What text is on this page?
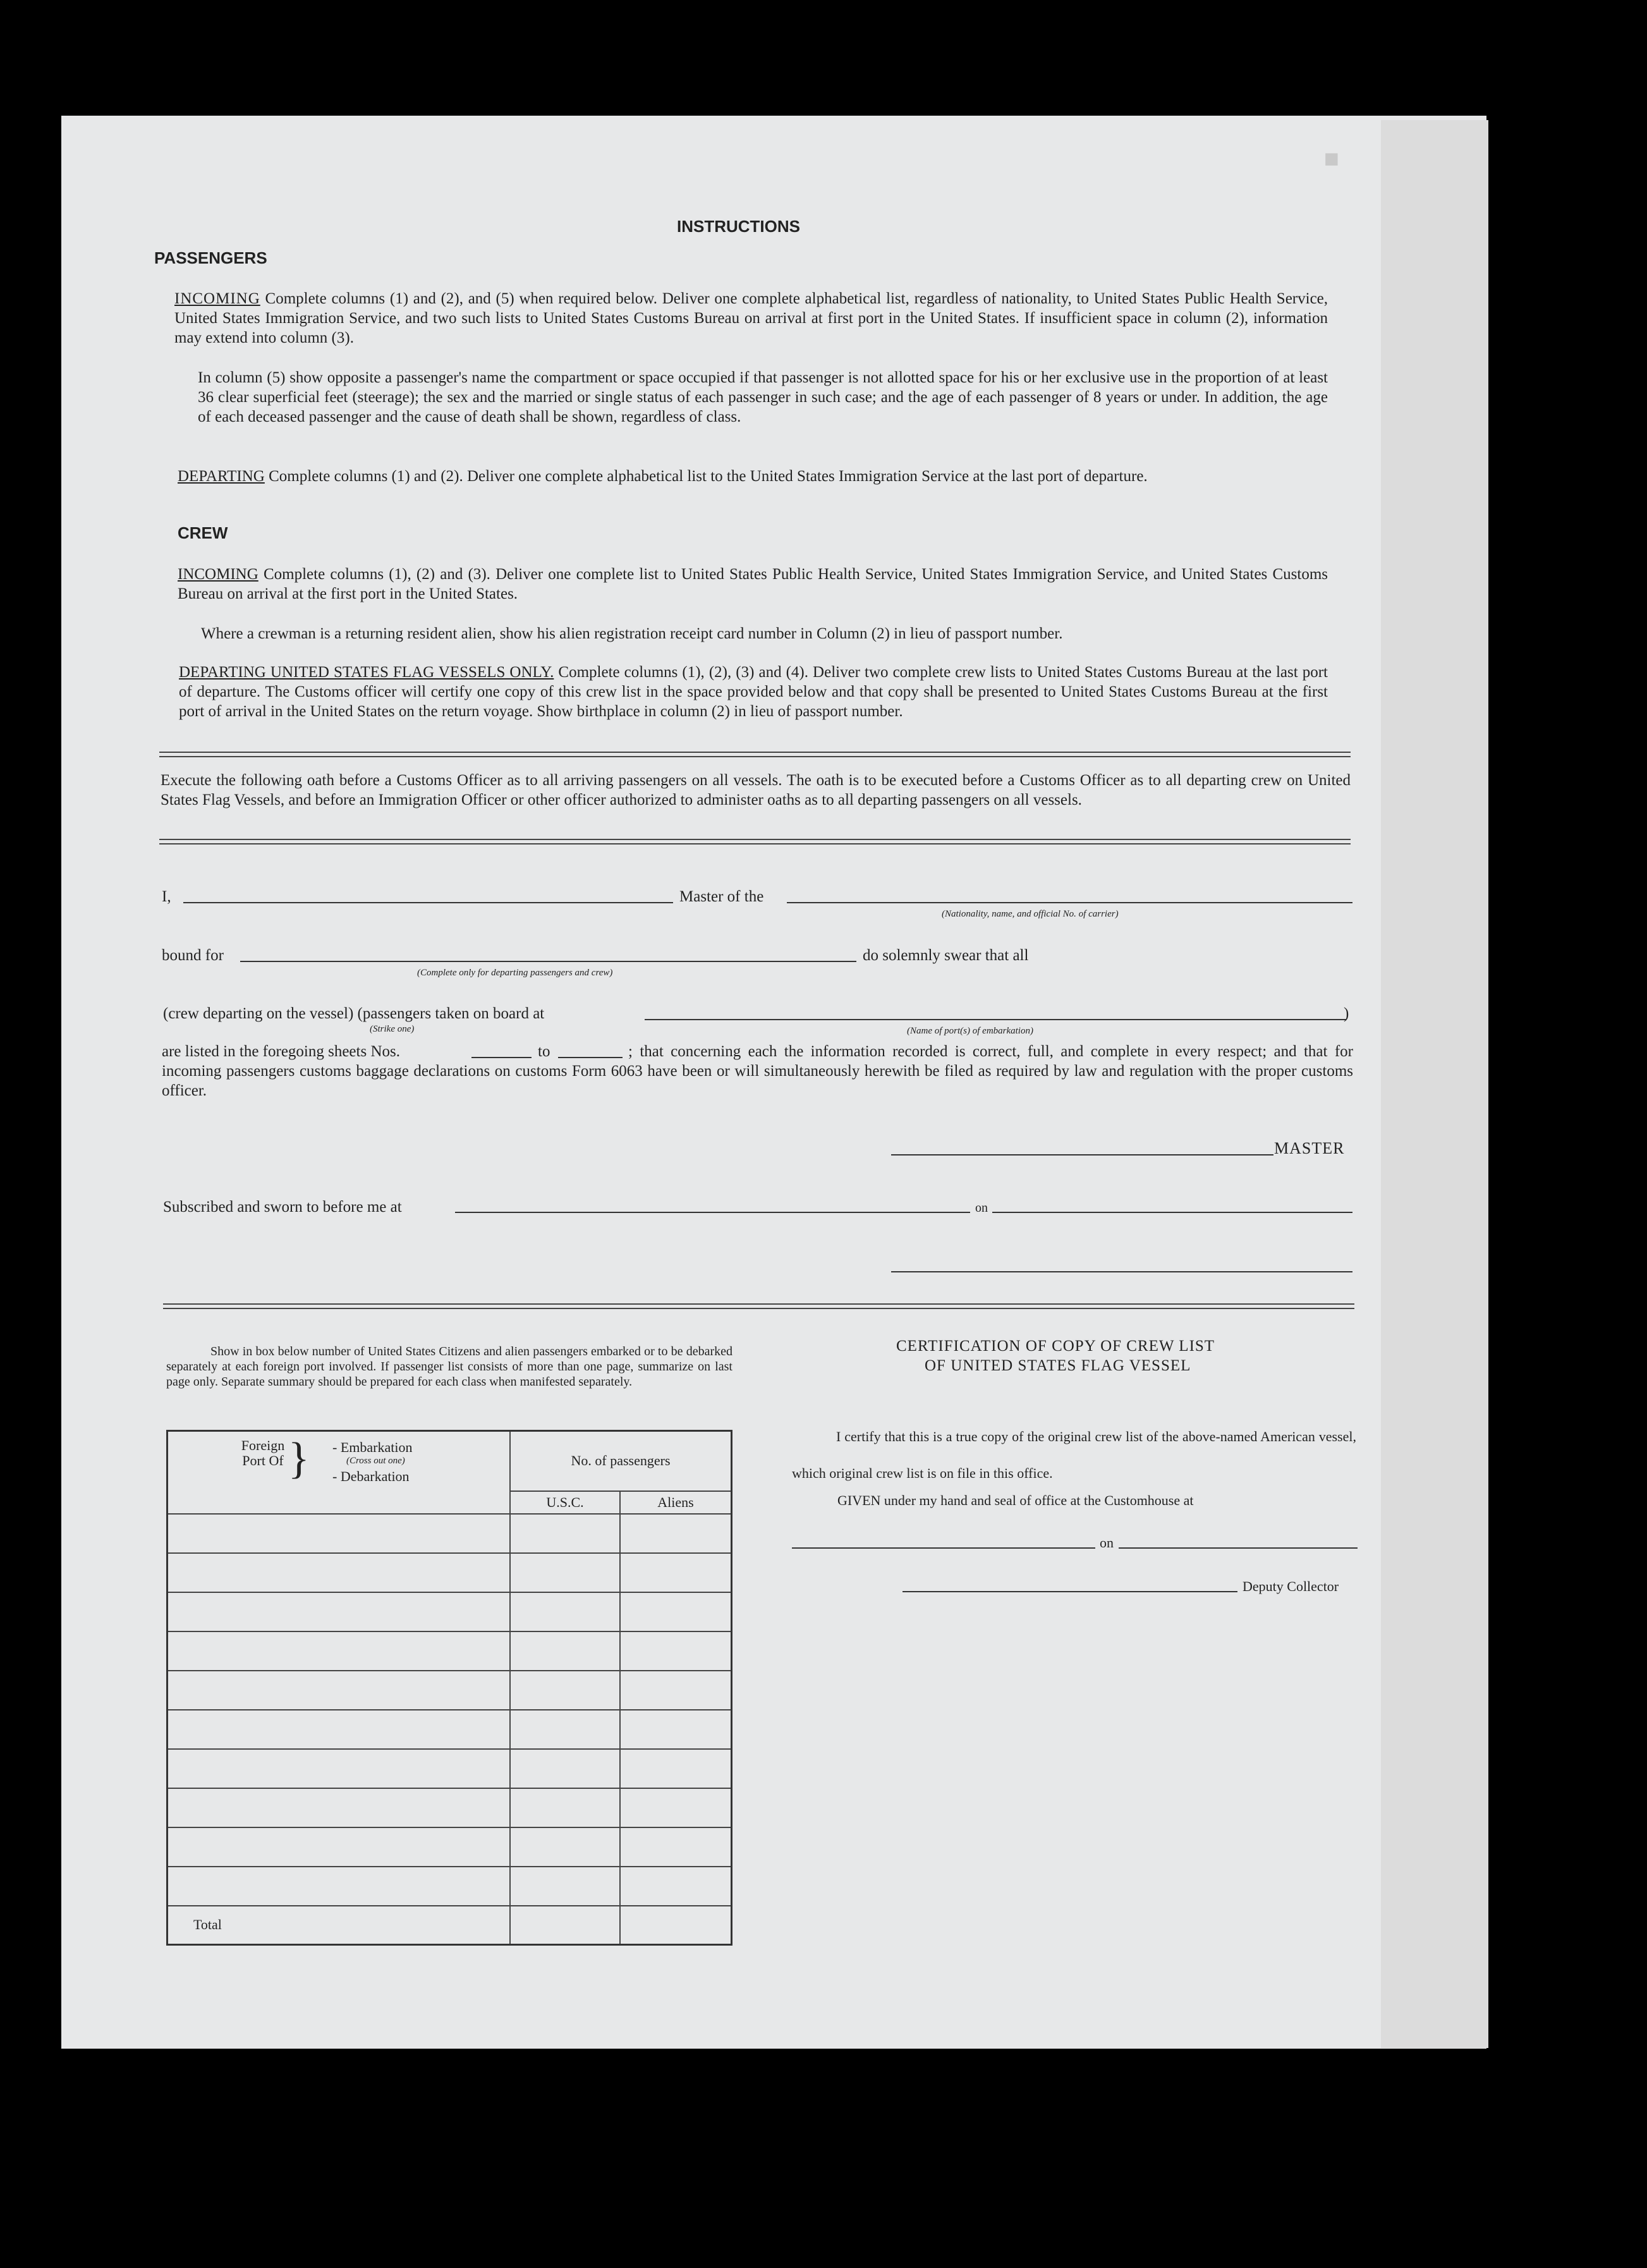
■
INSTRUCTIONS
PASSENGERS
INCOMING Complete columns (1) and (2), and (5) when required below. Deliver one complete alphabetical list, regardless of nationality, to United States Public Health Service, United States Immigration Service, and two such lists to United States Customs Bureau on arrival at first port in the United States. If insufficient space in column (2), information may extend into column (3).
In column (5) show opposite a passenger's name the compartment or space occupied if that passenger is not allotted space for his or her exclusive use in the proportion of at least 36 clear superficial feet (steerage); the sex and the married or single status of each passenger in such case; and the age of each passenger of 8 years or under. In addition, the age of each deceased passenger and the cause of death shall be shown, regardless of class.
DEPARTING Complete columns (1) and (2). Deliver one complete alphabetical list to the United States Immigration Service at the last port of departure.
CREW
INCOMING Complete columns (1), (2) and (3). Deliver one complete list to United States Public Health Service, United States Immigration Service, and United States Customs Bureau on arrival at the first port in the United States.
Where a crewman is a returning resident alien, show his alien registration receipt card number in Column (2) in lieu of passport number.
DEPARTING UNITED STATES FLAG VESSELS ONLY. Complete columns (1), (2), (3) and (4). Deliver two complete crew lists to United States Customs Bureau at the last port of departure. The Customs officer will certify one copy of this crew list in the space provided below and that copy shall be presented to United States Customs Bureau at the first port of arrival in the United States on the return voyage. Show birthplace in column (2) in lieu of passport number.
Execute the following oath before a Customs Officer as to all arriving passengers on all vessels. The oath is to be executed before a Customs Officer as to all departing crew on United States Flag Vessels, and before an Immigration Officer or other officer authorized to administer oaths as to all departing passengers on all vessels.
I,	Master of the
(Nationality, name, and official No. of carrier)
bound for
(Complete only for departing passengers and crew)
do solemnly swear that all
(crew departing on the vessel) (passengers taken on board at	)
(Strike one)	(Name of port(s) of embarkation)
are listed in the foregoing sheets Nos.	to	; that concerning each the information recorded is correct, full, and complete in every respect; and that for incoming passengers customs baggage declarations on customs Form 6063 have been or will simultaneously herewith be filed as required by law and regulation with the proper customs officer.
MASTER
Subscribed and sworn to before me at	on
Show in box below number of United States Citizens and alien passengers embarked or to be debarked separately at each foreign port involved. If passenger list consists of more than one page, summarize on last page only. Separate summary should be prepared for each class when manifested separately.
Foreign Port Of } - Embarkation
(Cross out one)
- Debarkation	No. of passengers	
	U.S.C.	Aliens

Total		
CERTIFICATION OF COPY OF CREW LIST
OF UNITED STATES FLAG VESSEL
I certify that this is a true copy of the original crew list of the above-named American vessel, which original crew list is on file in this office.
GIVEN under my hand and seal of office at the Customhouse at
on
Deputy Collector
